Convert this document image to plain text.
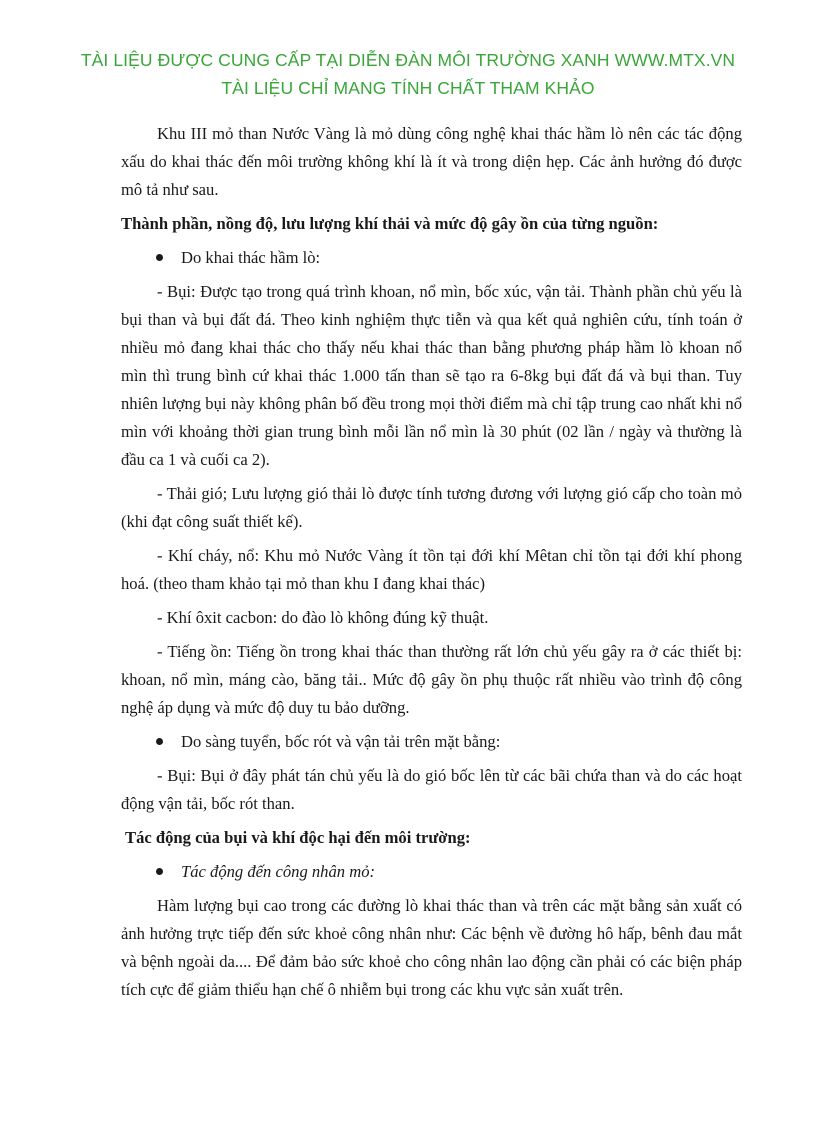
TÀI LIỆU ĐƯỢC CUNG CẤP TẠI DIỄN ĐÀN MÔI TRƯỜNG XANH WWW.MTX.VN
TÀI LIỆU CHỈ MANG TÍNH CHẤT THAM KHẢO

Khu III mỏ than Nước Vàng là mỏ dùng công nghệ khai thác hầm lò nên các tác động xấu do khai thác đến môi trường không khí là ít và trong diện hẹp. Các ảnh hưởng đó được mô tả như sau.

Thành phần, nồng độ, lưu lượng khí thải và mức độ gây ồn của từng nguồn:

Do khai thác hầm lò:

- Bụi: Được tạo trong quá trình khoan, nổ mìn, bốc xúc, vận tải. Thành phần chủ yếu là bụi than và bụi đất đá. Theo kinh nghiệm thực tiễn và qua kết quả nghiên cứu, tính toán ở nhiều mỏ đang khai thác cho thấy nếu khai thác than bằng phương pháp hầm lò khoan nổ mìn thì trung bình cứ khai thác 1.000 tấn than sẽ tạo ra 6-8kg bụi đất đá và bụi than. Tuy nhiên lượng bụi này không phân bố đều trong mọi thời điểm mà chỉ tập trung cao nhất khi nổ mìn với khoảng thời gian trung bình mỗi lần nổ mìn là 30 phút (02 lần / ngày và thường là đầu ca 1 và cuối ca 2).

- Thải gió; Lưu lượng gió thải lò được tính tương đương với lượng gió cấp cho toàn mỏ (khi đạt công suất thiết kế).

- Khí cháy, nổ: Khu mỏ Nước Vàng ít tồn tại đới khí Mêtan chỉ tồn tại đới khí phong hoá. (theo tham khảo tại mỏ than khu I đang khai thác)

- Khí ôxit cacbon: do đào lò không đúng kỹ thuật.

- Tiếng ồn: Tiếng ồn trong khai thác than thường rất lớn chủ yếu gây ra ở các thiết bị: khoan, nổ mìn, máng cào, băng tải.. Mức độ gây ồn phụ thuộc rất nhiều vào trình độ công nghệ áp dụng và mức độ duy tu bảo dưỡng.

Do sàng tuyển, bốc rót và vận tải trên mặt bằng:

- Bụi: Bụi ở đây phát tán chủ yếu là do gió bốc lên từ các bãi chứa than và do các hoạt động vận tải, bốc rót than.

Tác động của bụi và khí độc hại đến môi trường:

Tác động đến công nhân mỏ:

Hàm lượng bụi cao trong các đường lò khai thác than và trên các mặt bằng sản xuất có ảnh hưởng trực tiếp đến sức khoẻ công nhân như: Các bệnh về đường hô hấp, bênh đau mắt và bệnh ngoài da.... Để đảm bảo sức khoẻ cho công nhân lao động cần phải có các biện pháp tích cực để giảm thiểu hạn chế ô nhiễm bụi trong các khu vực sản xuất trên.
